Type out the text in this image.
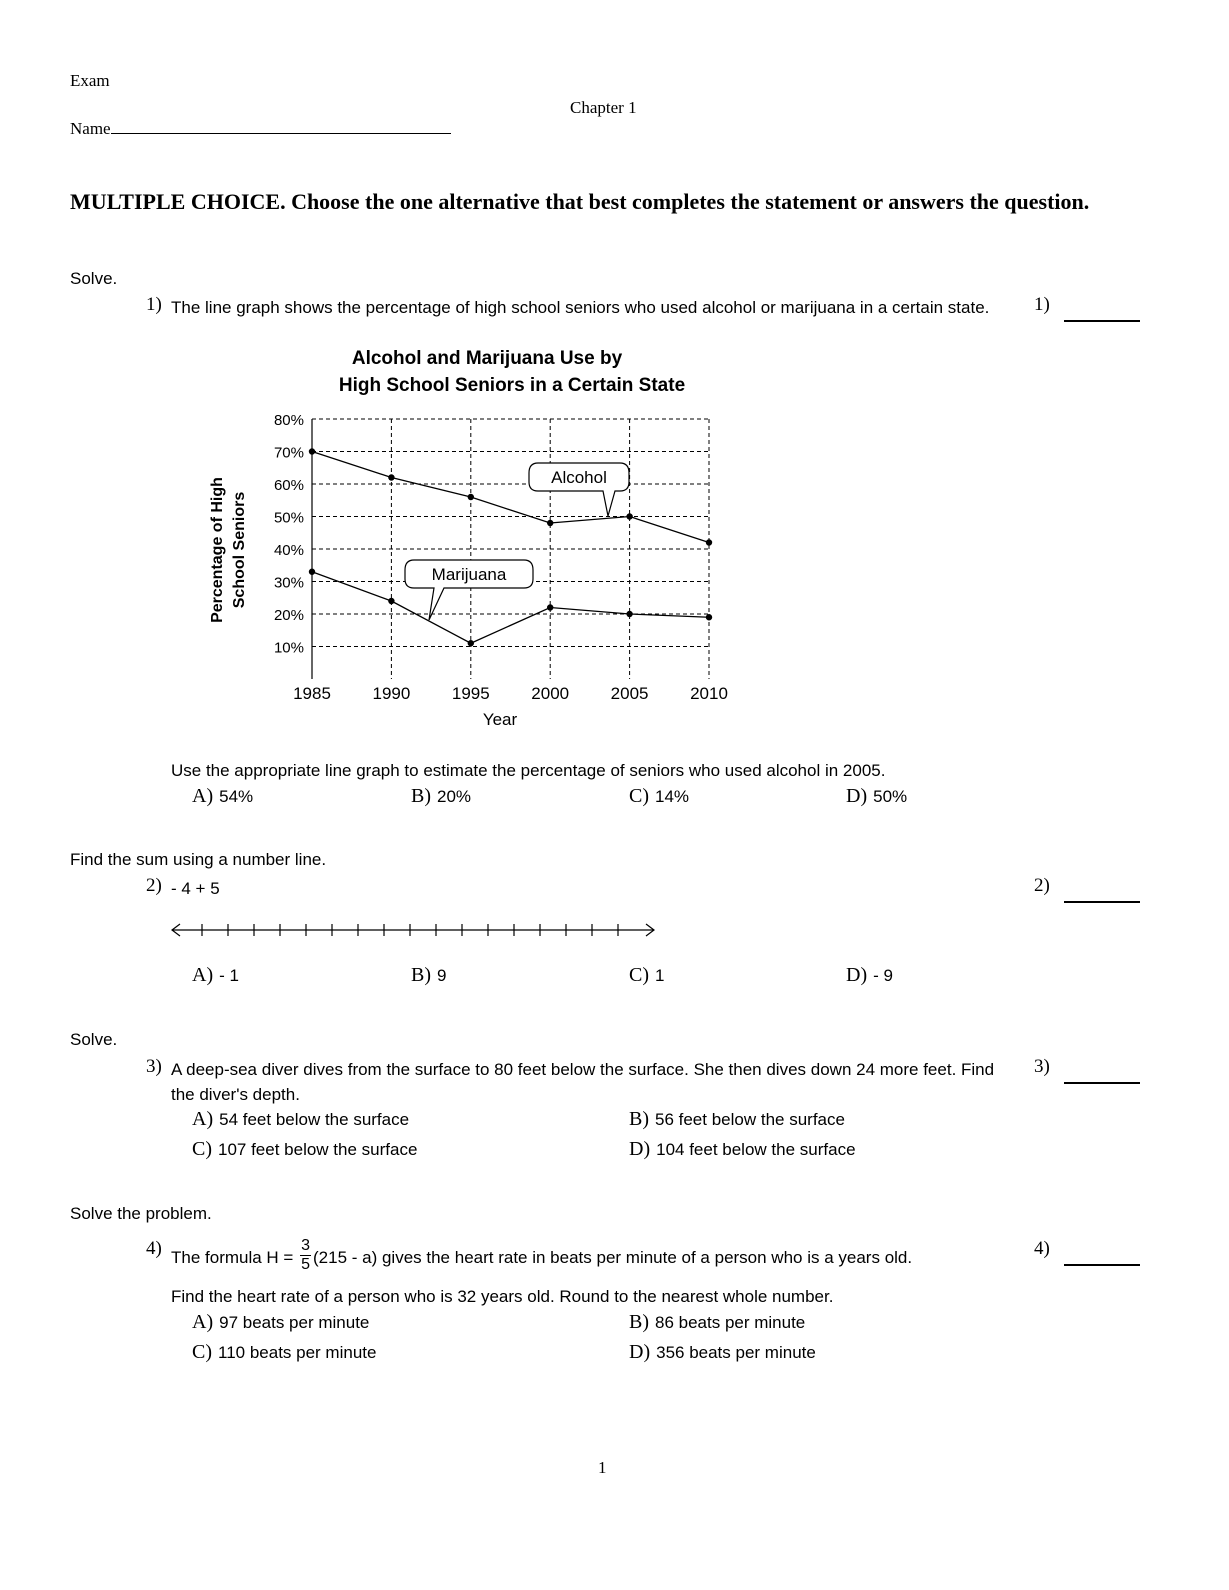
Exam
Chapter 1
Name
MULTIPLE CHOICE. Choose the one alternative that best completes the statement or answers the question.
Solve.
1) The line graph shows the percentage of high school seniors who used alcohol or marijuana in a certain state.	1)
Alcohol and Marijuana Use by
High School Seniors in a Certain State
10%
20%
30%
40%
50%
60%
70%
80%
1985 1990 1995 2000 2005 2010
Percentage of High School Seniors
Year
Alcohol
Marijuana
Use the appropriate line graph to estimate the percentage of seniors who used alcohol in 2005.
A) 54%	B) 20%	C) 14%	D) 50%
Find the sum using a number line.
2) - 4 + 5	2)
A) - 1	B) 9	C) 1	D) - 9
Solve.
3) A deep-sea diver dives from the surface to 80 feet below the surface. She then dives down 24 more feet. Find the diver's depth.
3)
A) 54 feet below the surface	B) 56 feet below the surface
C) 107 feet below the surface	D) 104 feet below the surface
Solve the problem.
4) The formula $H = \frac{3}{5} (215 - a)$ gives the heart rate in beats per minute of a person who is a years old.	4)
Find the heart rate of a person who is 32 years old. Round to the nearest whole number.
A) 97 beats per minute	B) 86 beats per minute
C) 110 beats per minute	D) 356 beats per minute
1
